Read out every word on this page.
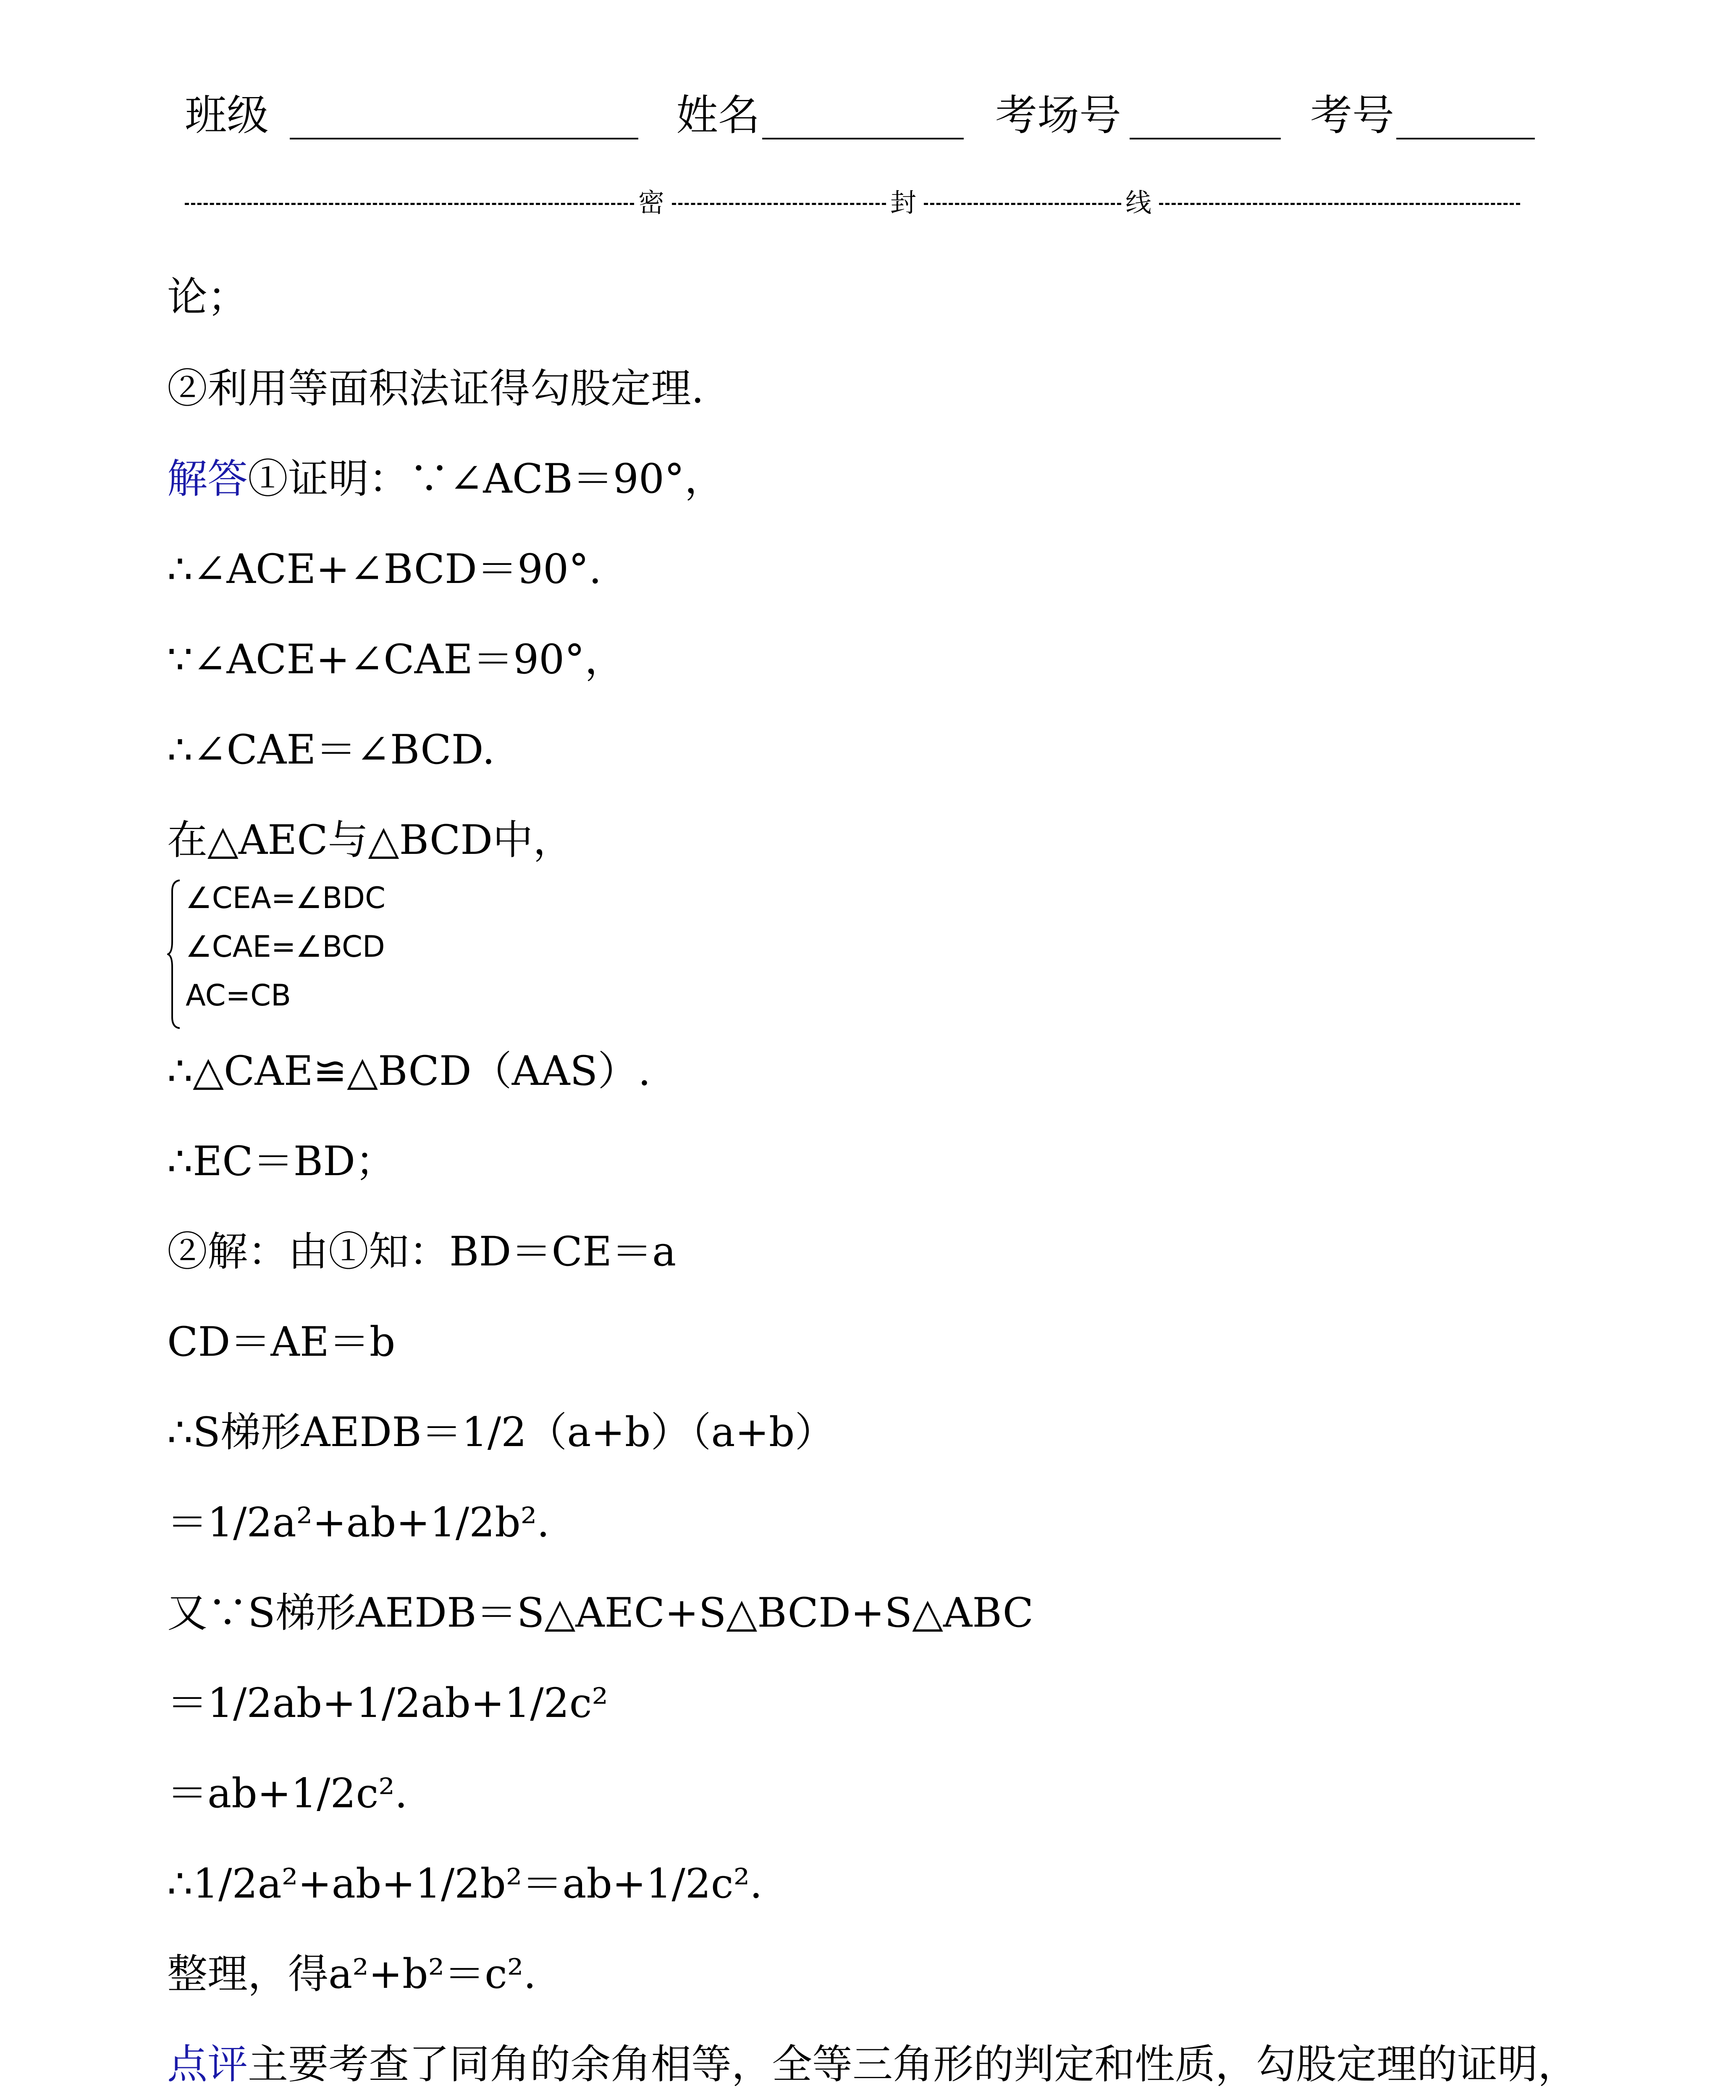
班级	姓名	考场号	考号
密	封	线
论；
②利用等面积法证得勾股定理.
解答①证明：∵∠ACB＝90°，
∴∠ACE+∠BCD＝90°.
∵∠ACE+∠CAE＝90°，
∴∠CAE＝∠BCD.
在△AEC与△BCD中，
∠CEA=∠BDC
∠CAE=∠BCD
AC=CB
∴△CAE≌△BCD（AAS）.
∴EC＝BD；
②解：由①知：BD＝CE＝a
CD＝AE＝b
∴S梯形AEDB＝1/2（a+b）（a+b）
＝1/2a²+ab+1/2b².
又∵S梯形AEDB＝S△AEC+S△BCD+S△ABC
＝1/2ab+1/2ab+1/2c²
＝ab+1/2c².
∴1/2a²+ab+1/2b²＝ab+1/2c².
整理，得a²+b²＝c².
点评主要考查了同角的余角相等，全等三角形的判定和性质，勾股定理的证明，
